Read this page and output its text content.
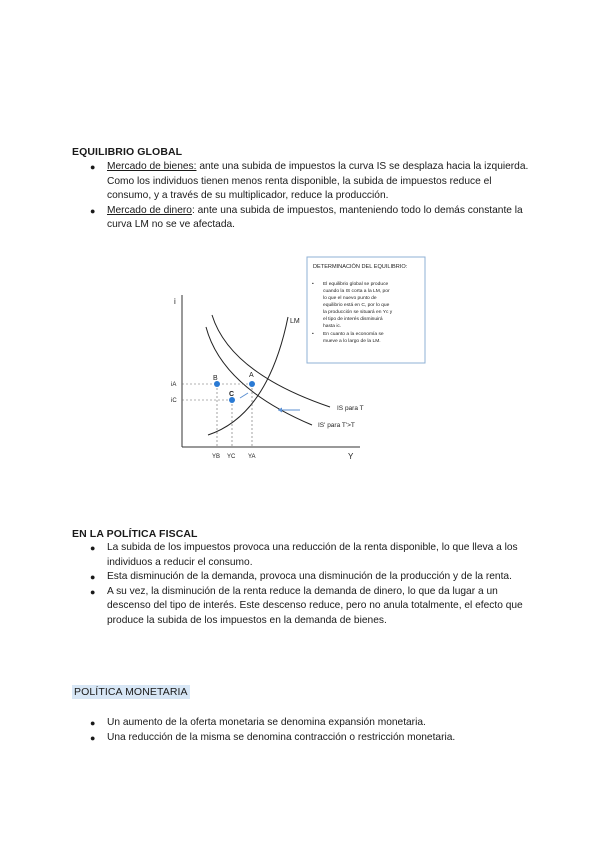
EQUILIBRIO GLOBAL
● Mercado de bienes: ante una subida de impuestos la curva IS se desplaza hacia la izquierda. Como los individuos tienen menos renta disponible, la subida de impuestos reduce el consumo, y a través de su multiplicador, reduce la producción.
● Mercado de dinero: ante una subida de impuestos, manteniendo todo lo demás constante la curva LM no se ve afectada.
DETERMINACIÓN DEL EQUILIBRIO:
• El equilibrio global se produce
cuando la IS corta a la LM, por
lo que el nuevo punto de
equilibrio está en C, por lo que
la producción se situará en Yc y
el tipo de interés disminuirá
hasta ic.
• En cuanto a la economía se
mueve a lo largo de la LM.
i
Y
LM
IS para T
IS' para T'>T
A
B
C
iA
iC
YB YC YA
EN LA POLÍTICA FISCAL
● La subida de los impuestos provoca una reducción de la renta disponible, lo que lleva a los individuos a reducir el consumo.
● Esta disminución de la demanda, provoca una disminución de la producción y de la renta.
● A su vez, la disminución de la renta reduce la demanda de dinero, lo que da lugar a un descenso del tipo de interés. Este descenso reduce, pero no anula totalmente, el efecto que produce la subida de los impuestos en la demanda de bienes.
POLÍTICA MONETARIA
● Un aumento de la oferta monetaria se denomina expansión monetaria.
● Una reducción de la misma se denomina contracción o restricción monetaria.
